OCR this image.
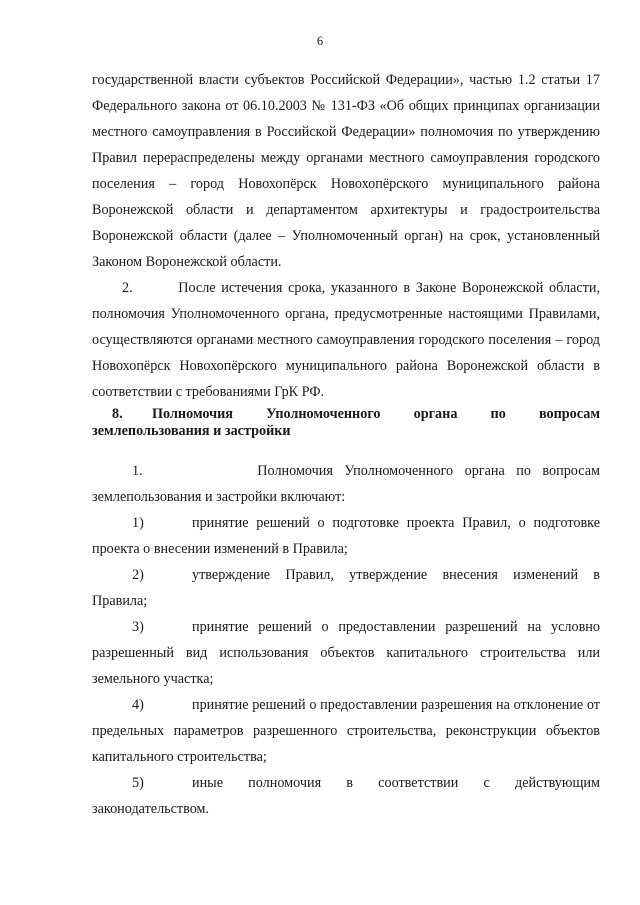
6
государственной власти субъектов Российской Федерации», частью 1.2 статьи 17 Федерального закона от 06.10.2003 № 131-ФЗ «Об общих принципах организации местного самоуправления в Российской Федерации» полномочия по утверждению Правил перераспределены между органами местного самоуправления городского поселения – город Новохопёрск Новохопёрского муниципального района Воронежской области и департаментом архитектуры и градостроительства Воронежской области (далее – Уполномоченный орган) на срок, установленный Законом Воронежской области.
2.        После истечения срока, указанного в Законе Воронежской области, полномочия Уполномоченного органа, предусмотренные настоящими Правилами, осуществляются органами местного самоуправления городского поселения – город Новохопёрск Новохопёрского муниципального района Воронежской области в соответствии с требованиями ГрК РФ.
8. Полномочия Уполномоченного органа по вопросам землепользования и застройки
1.          Полномочия Уполномоченного органа по вопросам землепользования и застройки включают:
1)	принятие решений о подготовке проекта Правил, о подготовке проекта о внесении изменений в Правила;
2)	утверждение Правил, утверждение внесения изменений в Правила;
3)	принятие решений о предоставлении разрешений на условно разрешенный вид использования объектов капитального строительства или земельного участка;
4)	принятие решений о предоставлении разрешения на отклонение от предельных параметров разрешенного строительства, реконструкции объектов капитального строительства;
5)	иные полномочия в соответствии с действующим законодательством.
